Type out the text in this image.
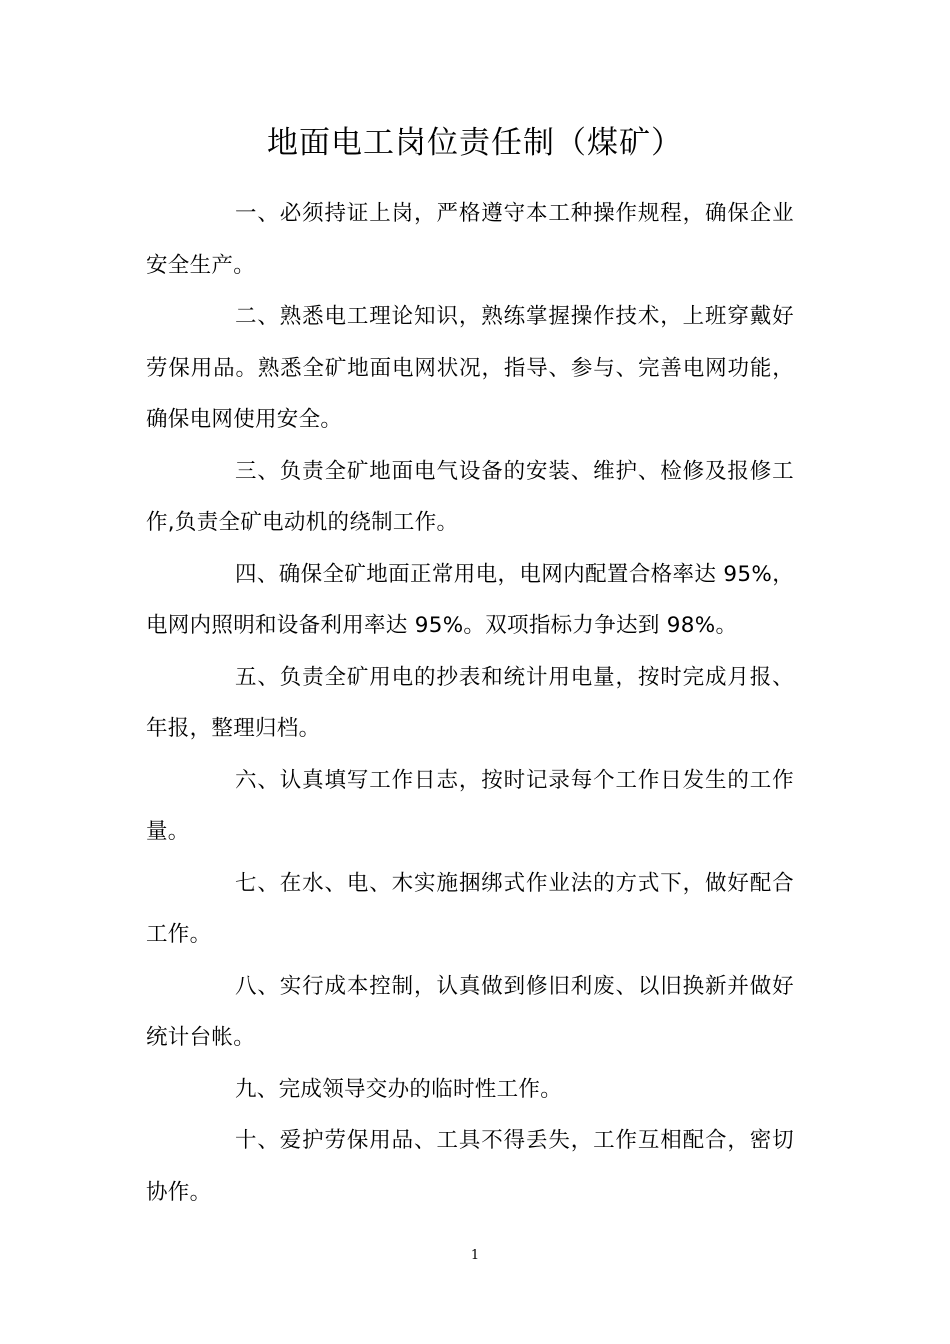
地面电工岗位责任制（煤矿）

一、必须持证上岗，严格遵守本工种操作规程，确保企业安全生产。

二、熟悉电工理论知识，熟练掌握操作技术，上班穿戴好劳保用品。熟悉全矿地面电网状况，指导、参与、完善电网功能，确保电网使用安全。

三、负责全矿地面电气设备的安装、维护、检修及报修工作,负责全矿电动机的绕制工作。

四、确保全矿地面正常用电，电网内配置合格率达 95%，电网内照明和设备利用率达 95%。双项指标力争达到 98%。

五、负责全矿用电的抄表和统计用电量，按时完成月报、年报，整理归档。

六、认真填写工作日志，按时记录每个工作日发生的工作量。

七、在水、电、木实施捆绑式作业法的方式下，做好配合工作。

八、实行成本控制，认真做到修旧利废、以旧换新并做好统计台帐。

九、完成领导交办的临时性工作。

十、爱护劳保用品、工具不得丢失，工作互相配合，密切协作。

1
